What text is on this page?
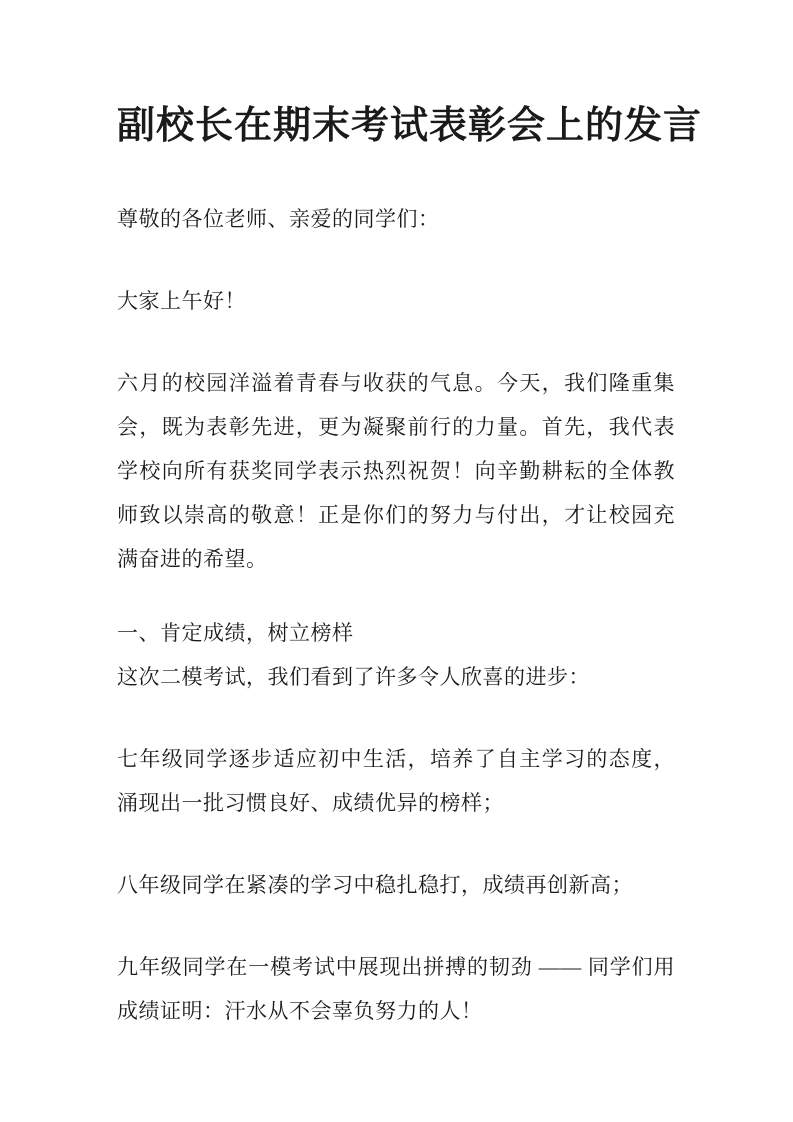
副校长在期末考试表彰会上的发言

尊敬的各位老师、亲爱的同学们：

大家上午好！

六月的校园洋溢着青春与收获的气息。今天，我们隆重集会，既为表彰先进，更为凝聚前行的力量。首先，我代表学校向所有获奖同学表示热烈祝贺！向辛勤耕耘的全体教师致以崇高的敬意！正是你们的努力与付出，才让校园充满奋进的希望。

一、肯定成绩，树立榜样

这次二模考试，我们看到了许多令人欣喜的进步：

七年级同学逐步适应初中生活，培养了自主学习的态度，涌现出一批习惯良好、成绩优异的榜样；

八年级同学在紧凑的学习中稳扎稳打，成绩再创新高；

九年级同学在一模考试中展现出拼搏的韧劲 —— 同学们用成绩证明：汗水从不会辜负努力的人！
